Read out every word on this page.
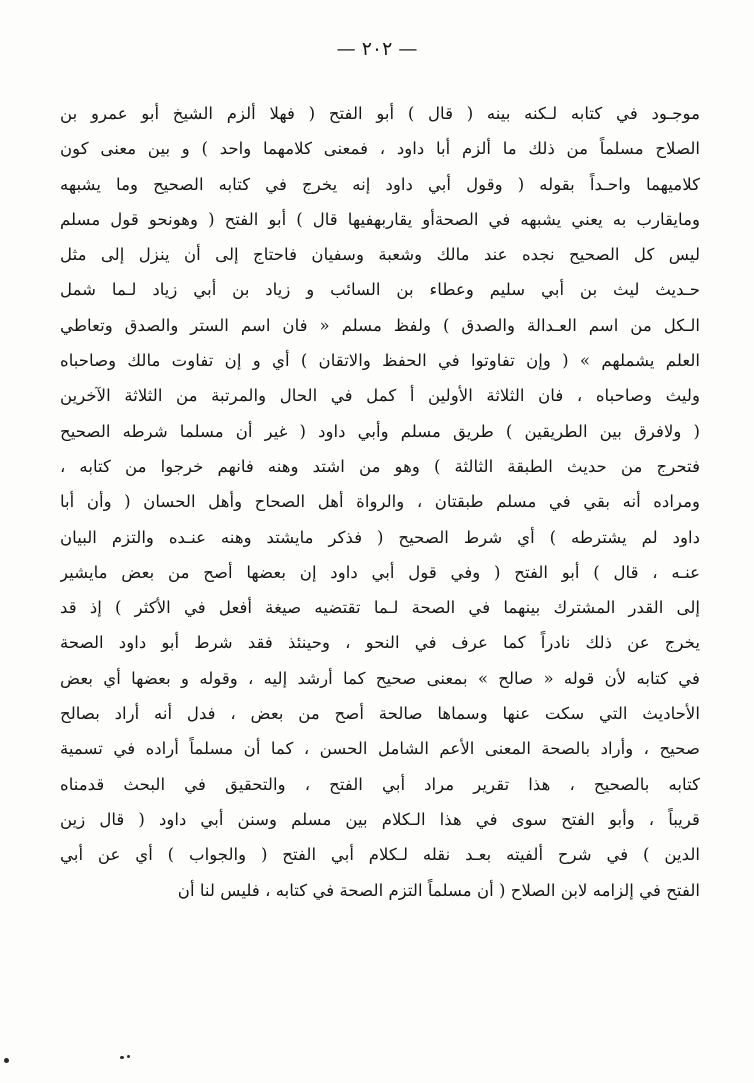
— ٢٠٢ —
موجـود في كتابه لـكنه بينه ( قال ) أبو الفتح ( فهلا ألزم الشيخ أبو عمرو بن
الصلاح مسلماً من ذلك ما ألزم أبا داود ، فمعنى كلامهما واحد ) و بين معنى كون
كلاميهما واحـداً بقوله ( وقول أبي داود إنه يخرج في كتابه الصحيح وما يشبهه
ومايقارب به يعني يشبهه في الصحةأو يقاربهفيها قال ) أبو الفتح ( وهونحو قول مسلم
ليس كل الصحيح نجده عند مالك وشعبة وسفيان فاحتاج إلى أن ينزل إلى مثل
حـديث ليث بن أبي سليم وعطاء بن السائب و زياد بن أبي زياد لـما شمل
الـكل من اسم العـدالة والصدق ) ولفظ مسلم « فان اسم الستر والصدق وتعاطي
العلم يشملهم » ( وإن تفاوتوا في الحفظ والاتقان ) أي و إن تفاوت مالك وصاحباه
وليث وصاحباه ، فان الثلاثة الأولين أ كمل في الحال والمرتبة من الثلاثة الآخرين
( ولافرق بين الطريقين ) طريق مسلم وأبي داود ( غير أن مسلما شرطه الصحيح
فتحرج من حديث الطبقة الثالثة ) وهو من اشتد وهنه فانهم خرجوا من كتابه ،
ومراده أنه بقي في مسلم طبقتان ، والرواة أهل الصحاح وأهل الحسان ( وأن أبا
داود لم يشترطه ) أي شرط الصحيح ( فذكر مايشتد وهنه عنـده والتزم البيان
عنـه ، قال ) أبو الفتح ( وفي قول أبي داود إن بعضها أصح من بعض مايشير
إلى القدر المشترك بينهما في الصحة لـما تقتضيه صيغة أفعل في الأكثر ) إذ قد
يخرج عن ذلك نادراً كما عرف في النحو ، وحينئذ فقد شرط أبو داود الصحة
في كتابه لأن قوله « صالح » بمعنى صحيح كما أرشد إليه ، وقوله و بعضها أي بعض
الأحاديث التي سكت عنها وسماها صالحة أصح من بعض ، فدل أنه أراد بصالح
صحيح ، وأراد بالصحة المعنى الأعم الشامل الحسن ، كما أن مسلماً أراده في تسمية
كتابه بالصحيح ، هذا تقرير مراد أبي الفتح ، والتحقيق في البحث قدمناه
قريباً ، وأبو الفتح سوى في هذا الـكلام بين مسلم وسنن أبي داود ( قال زين
الدين ) في شرح ألفيته بعـد نقله لـكلام أبي الفتح ( والجواب ) أي عن أبي
الفتح في إلزامه لابن الصلاح ( أن مسلماً التزم الصحة في كتابه ، فليس لنا أن
